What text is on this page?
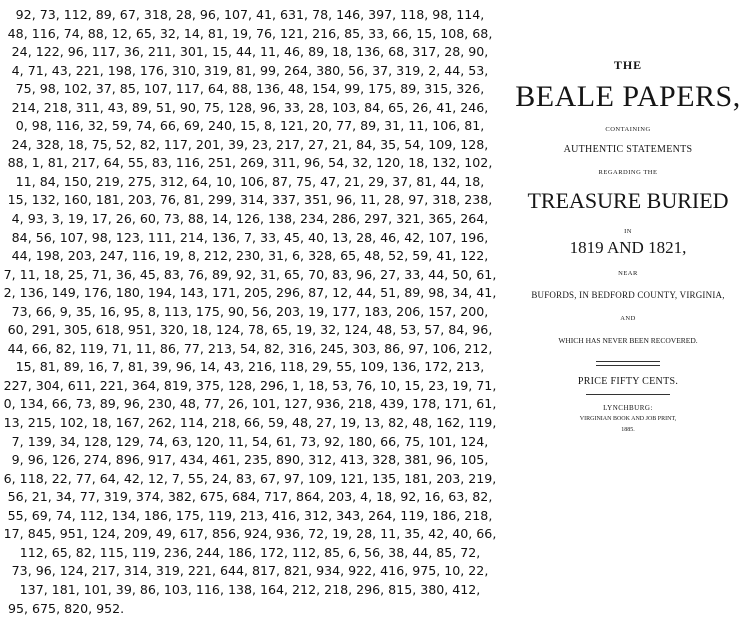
92, 73, 112, 89, 67, 318, 28, 96, 107, 41, 631, 78, 146, 397, 118, 98, 114,
48, 116, 74, 88, 12, 65, 32, 14, 81, 19, 76, 121, 216, 85, 33, 66, 15, 108, 68,
24, 122, 96, 117, 36, 211, 301, 15, 44, 11, 46, 89, 18, 136, 68, 317, 28, 90,
4, 71, 43, 221, 198, 176, 310, 319, 81, 99, 264, 380, 56, 37, 319, 2, 44, 53,
75, 98, 102, 37, 85, 107, 117, 64, 88, 136, 48, 154, 99, 175, 89, 315, 326,
214, 218, 311, 43, 89, 51, 90, 75, 128, 96, 33, 28, 103, 84, 65, 26, 41, 246,
0, 98, 116, 32, 59, 74, 66, 69, 240, 15, 8, 121, 20, 77, 89, 31, 11, 106, 81,
24, 328, 18, 75, 52, 82, 117, 201, 39, 23, 217, 27, 21, 84, 35, 54, 109, 128,
88, 1, 81, 217, 64, 55, 83, 116, 251, 269, 311, 96, 54, 32, 120, 18, 132, 102,
11, 84, 150, 219, 275, 312, 64, 10, 106, 87, 75, 47, 21, 29, 37, 81, 44, 18,
15, 132, 160, 181, 203, 76, 81, 299, 314, 337, 351, 96, 11, 28, 97, 318, 238,
4, 93, 3, 19, 17, 26, 60, 73, 88, 14, 126, 138, 234, 286, 297, 321, 365, 264,
84, 56, 107, 98, 123, 111, 214, 136, 7, 33, 45, 40, 13, 28, 46, 42, 107, 196,
44, 198, 203, 247, 116, 19, 8, 212, 230, 31, 6, 328, 65, 48, 52, 59, 41, 122,
7, 11, 18, 25, 71, 36, 45, 83, 76, 89, 92, 31, 65, 70, 83, 96, 27, 33, 44, 50, 61,
2, 136, 149, 176, 180, 194, 143, 171, 205, 296, 87, 12, 44, 51, 89, 98, 34, 41,
73, 66, 9, 35, 16, 95, 8, 113, 175, 90, 56, 203, 19, 177, 183, 206, 157, 200,
60, 291, 305, 618, 951, 320, 18, 124, 78, 65, 19, 32, 124, 48, 53, 57, 84, 96,
44, 66, 82, 119, 71, 11, 86, 77, 213, 54, 82, 316, 245, 303, 86, 97, 106, 212,
15, 81, 89, 16, 7, 81, 39, 96, 14, 43, 216, 118, 29, 55, 109, 136, 172, 213,
227, 304, 611, 221, 364, 819, 375, 128, 296, 1, 18, 53, 76, 10, 15, 23, 19, 71,
0, 134, 66, 73, 89, 96, 230, 48, 77, 26, 101, 127, 936, 218, 439, 178, 171, 61,
13, 215, 102, 18, 167, 262, 114, 218, 66, 59, 48, 27, 19, 13, 82, 48, 162, 119,
7, 139, 34, 128, 129, 74, 63, 120, 11, 54, 61, 73, 92, 180, 66, 75, 101, 124,
9, 96, 126, 274, 896, 917, 434, 461, 235, 890, 312, 413, 328, 381, 96, 105,
6, 118, 22, 77, 64, 42, 12, 7, 55, 24, 83, 67, 97, 109, 121, 135, 181, 203, 219,
56, 21, 34, 77, 319, 374, 382, 675, 684, 717, 864, 203, 4, 18, 92, 16, 63, 82,
55, 69, 74, 112, 134, 186, 175, 119, 213, 416, 312, 343, 264, 119, 186, 218,
17, 845, 951, 124, 209, 49, 617, 856, 924, 936, 72, 19, 28, 11, 35, 42, 40, 66,
112, 65, 82, 115, 119, 236, 244, 186, 172, 112, 85, 6, 56, 38, 44, 85, 72,
73, 96, 124, 217, 314, 319, 221, 644, 817, 821, 934, 922, 416, 975, 10, 22,
137, 181, 101, 39, 86, 103, 116, 138, 164, 212, 218, 296, 815, 380, 412,
95, 675, 820, 952.
THE
BEALE PAPERS,
CONTAINING
AUTHENTIC STATEMENTS
REGARDING THE
TREASURE BURIED
IN
1819 AND 1821,
NEAR
BUFORDS, IN BEDFORD COUNTY, VIRGINIA,
AND
WHICH HAS NEVER BEEN RECOVERED.
PRICE FIFTY CENTS.
LYNCHBURG:
VIRGINIAN BOOK AND JOB PRINT,
1885.
